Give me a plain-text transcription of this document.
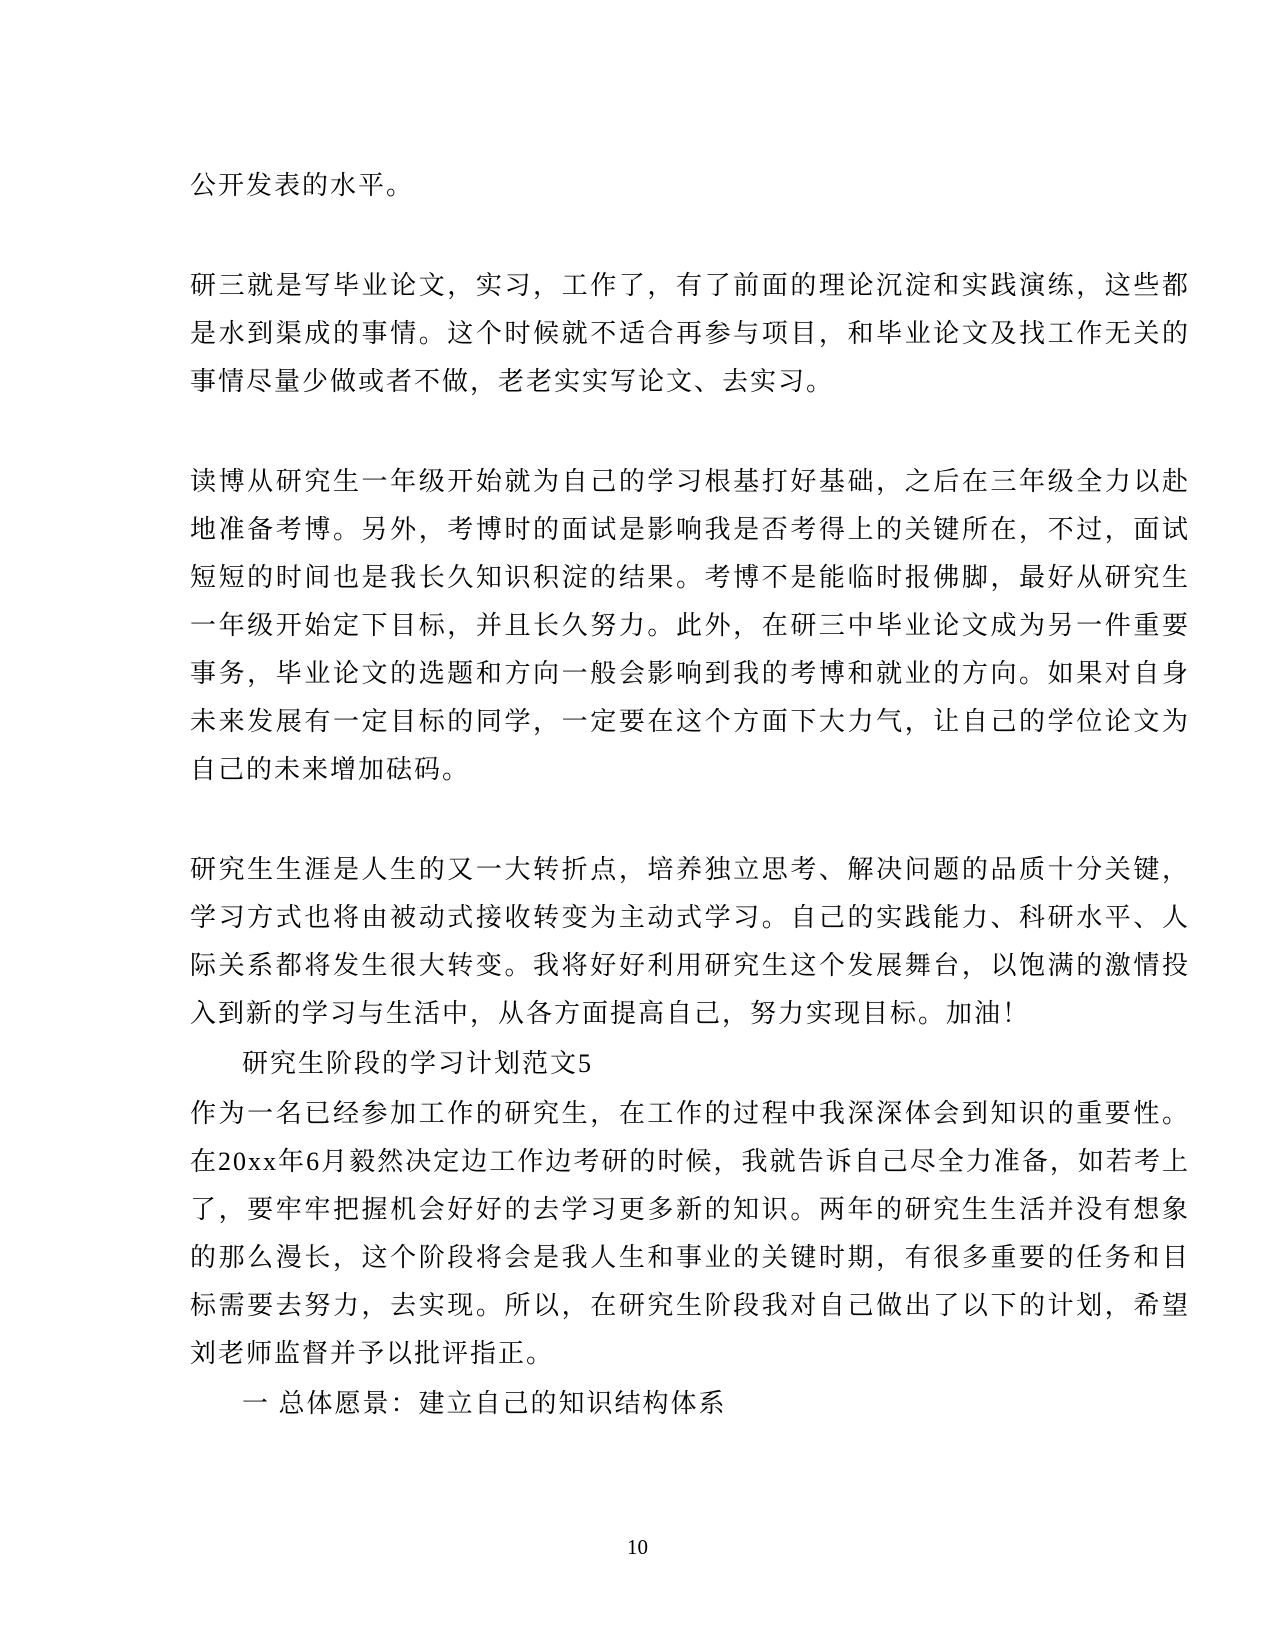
公开发表的水平。

研三就是写毕业论文，实习，工作了，有了前面的理论沉淀和实践演练，这些都是水到渠成的事情。这个时候就不适合再参与项目，和毕业论文及找工作无关的事情尽量少做或者不做，老老实实写论文、去实习。

读博从研究生一年级开始就为自己的学习根基打好基础，之后在三年级全力以赴地准备考博。另外，考博时的面试是影响我是否考得上的关键所在，不过，面试短短的时间也是我长久知识积淀的结果。考博不是能临时报佛脚，最好从研究生一年级开始定下目标，并且长久努力。此外，在研三中毕业论文成为另一件重要事务，毕业论文的选题和方向一般会影响到我的考博和就业的方向。如果对自身未来发展有一定目标的同学，一定要在这个方面下大力气，让自己的学位论文为自己的未来增加砝码。

研究生生涯是人生的又一大转折点，培养独立思考、解决问题的品质十分关键，学习方式也将由被动式接收转变为主动式学习。自己的实践能力、科研水平、人际关系都将发生很大转变。我将好好利用研究生这个发展舞台，以饱满的激情投入到新的学习与生活中，从各方面提高自己，努力实现目标。加油！

研究生阶段的学习计划范文5

作为一名已经参加工作的研究生，在工作的过程中我深深体会到知识的重要性。在20xx年6月毅然决定边工作边考研的时候，我就告诉自己尽全力准备，如若考上了，要牢牢把握机会好好的去学习更多新的知识。两年的研究生生活并没有想象的那么漫长，这个阶段将会是我人生和事业的关键时期，有很多重要的任务和目标需要去努力，去实现。所以，在研究生阶段我对自己做出了以下的计划，希望刘老师监督并予以批评指正。

一 总体愿景：建立自己的知识结构体系

10
